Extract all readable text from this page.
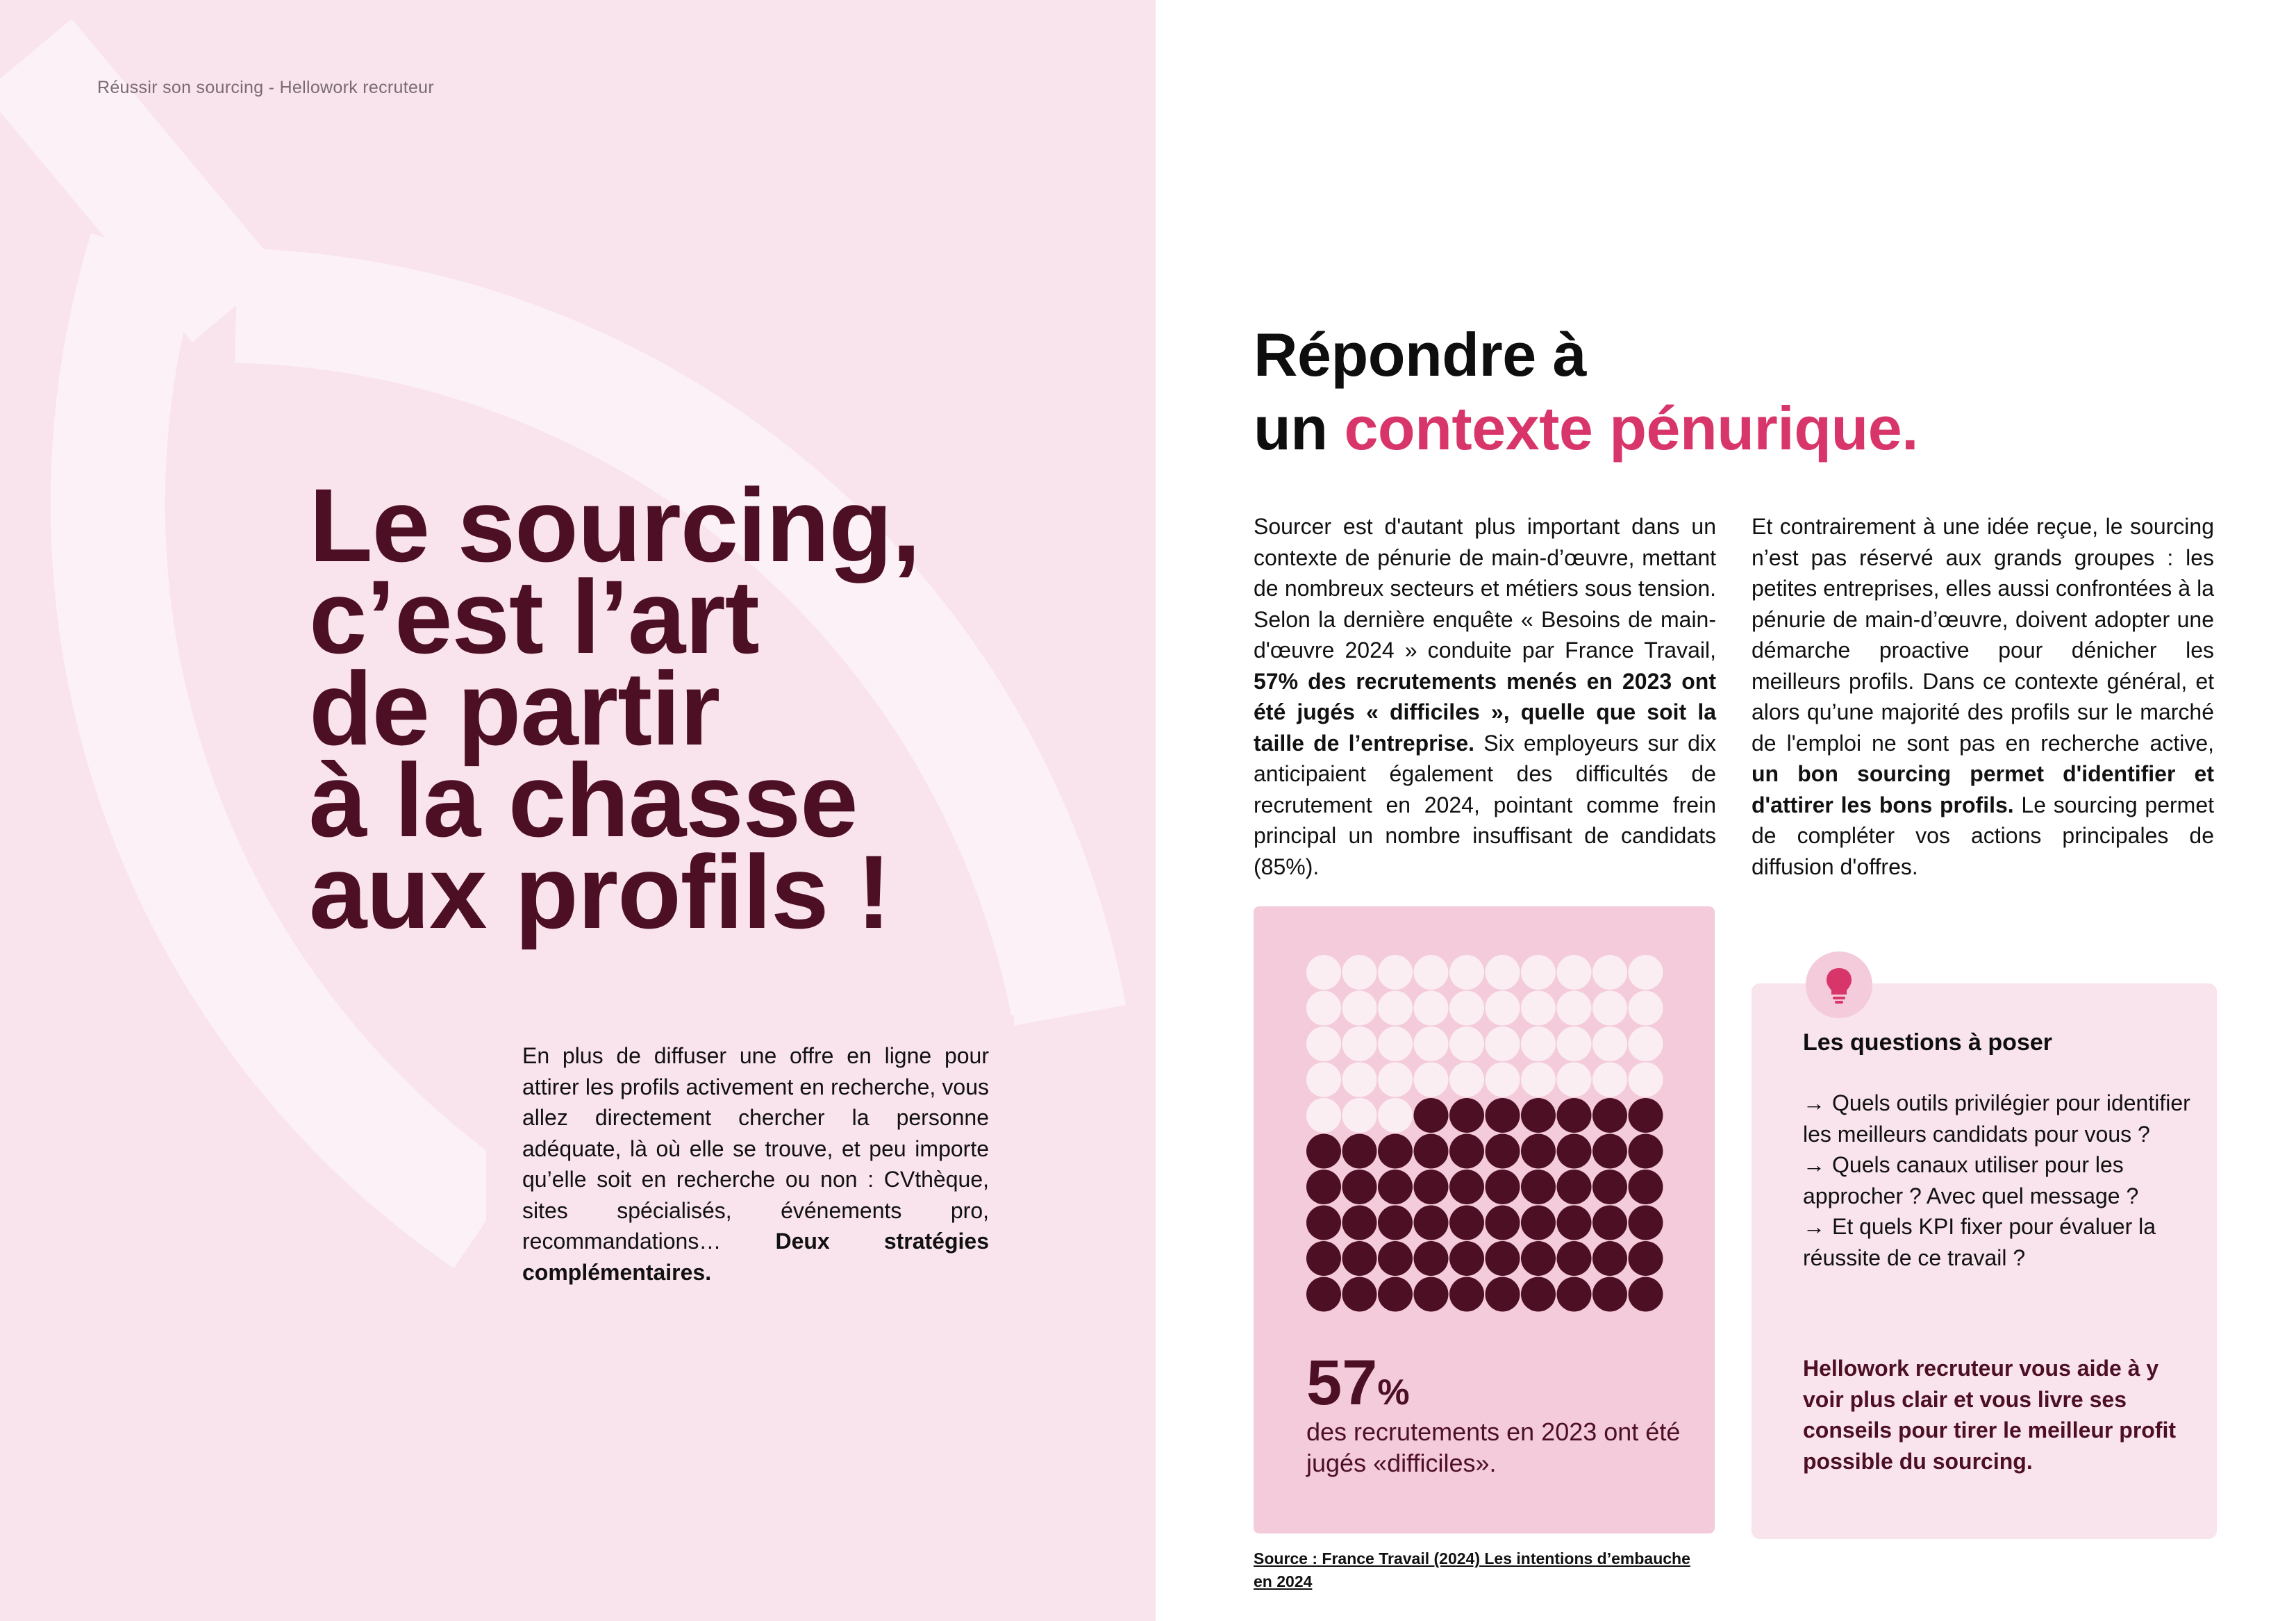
Réussir son sourcing - Hellowork recruteur
Le sourcing,
c’est l’art
de partir
à la chasse
aux profils !

En plus de diffuser une offre en ligne pour attirer les profils activement en recherche, vous allez directement chercher la personne adéquate, là où elle se trouve, et peu importe qu’elle soit en recherche ou non : CVthèque, sites spécialisés, événements pro, recommandations… Deux stratégies complémentaires.

Répondre à
un contexte pénurique.

Sourcer est d'autant plus important dans un contexte de pénurie de main-d’œuvre, mettant de nombreux secteurs et métiers sous tension. Selon la dernière enquête « Besoins de main-d'œuvre 2024 » conduite par France Travail, 57% des recrutements menés en 2023 ont été jugés « difficiles », quelle que soit la taille de l’entreprise. Six employeurs sur dix anticipaient également des difficultés de recrutement en 2024, pointant comme frein principal un nombre insuffisant de candidats (85%).

Et contrairement à une idée reçue, le sourcing n’est pas réservé aux grands groupes : les petites entreprises, elles aussi confrontées à la pénurie de main-d’œuvre, doivent adopter une démarche proactive pour dénicher les meilleurs profils. Dans ce contexte général, et alors qu’une majorité des profils sur le marché de l'emploi ne sont pas en recherche active, un bon sourcing permet d'identifier et d'attirer les bons profils. Le sourcing permet de compléter vos actions principales de diffusion d'offres.

57%

des recrutements en 2023 ont été jugés «difficiles».

Source : France Travail (2024) Les intentions d’embauche en 2024

Les questions à poser

→ Quels outils privilégier pour identifier les meilleurs candidats pour vous ?
→ Quels canaux utiliser pour les approcher ? Avec quel message ?
→ Et quels KPI fixer pour évaluer la réussite de ce travail ?

Hellowork recruteur vous aide à y voir plus clair et vous livre ses conseils pour tirer le meilleur profit possible du sourcing.
